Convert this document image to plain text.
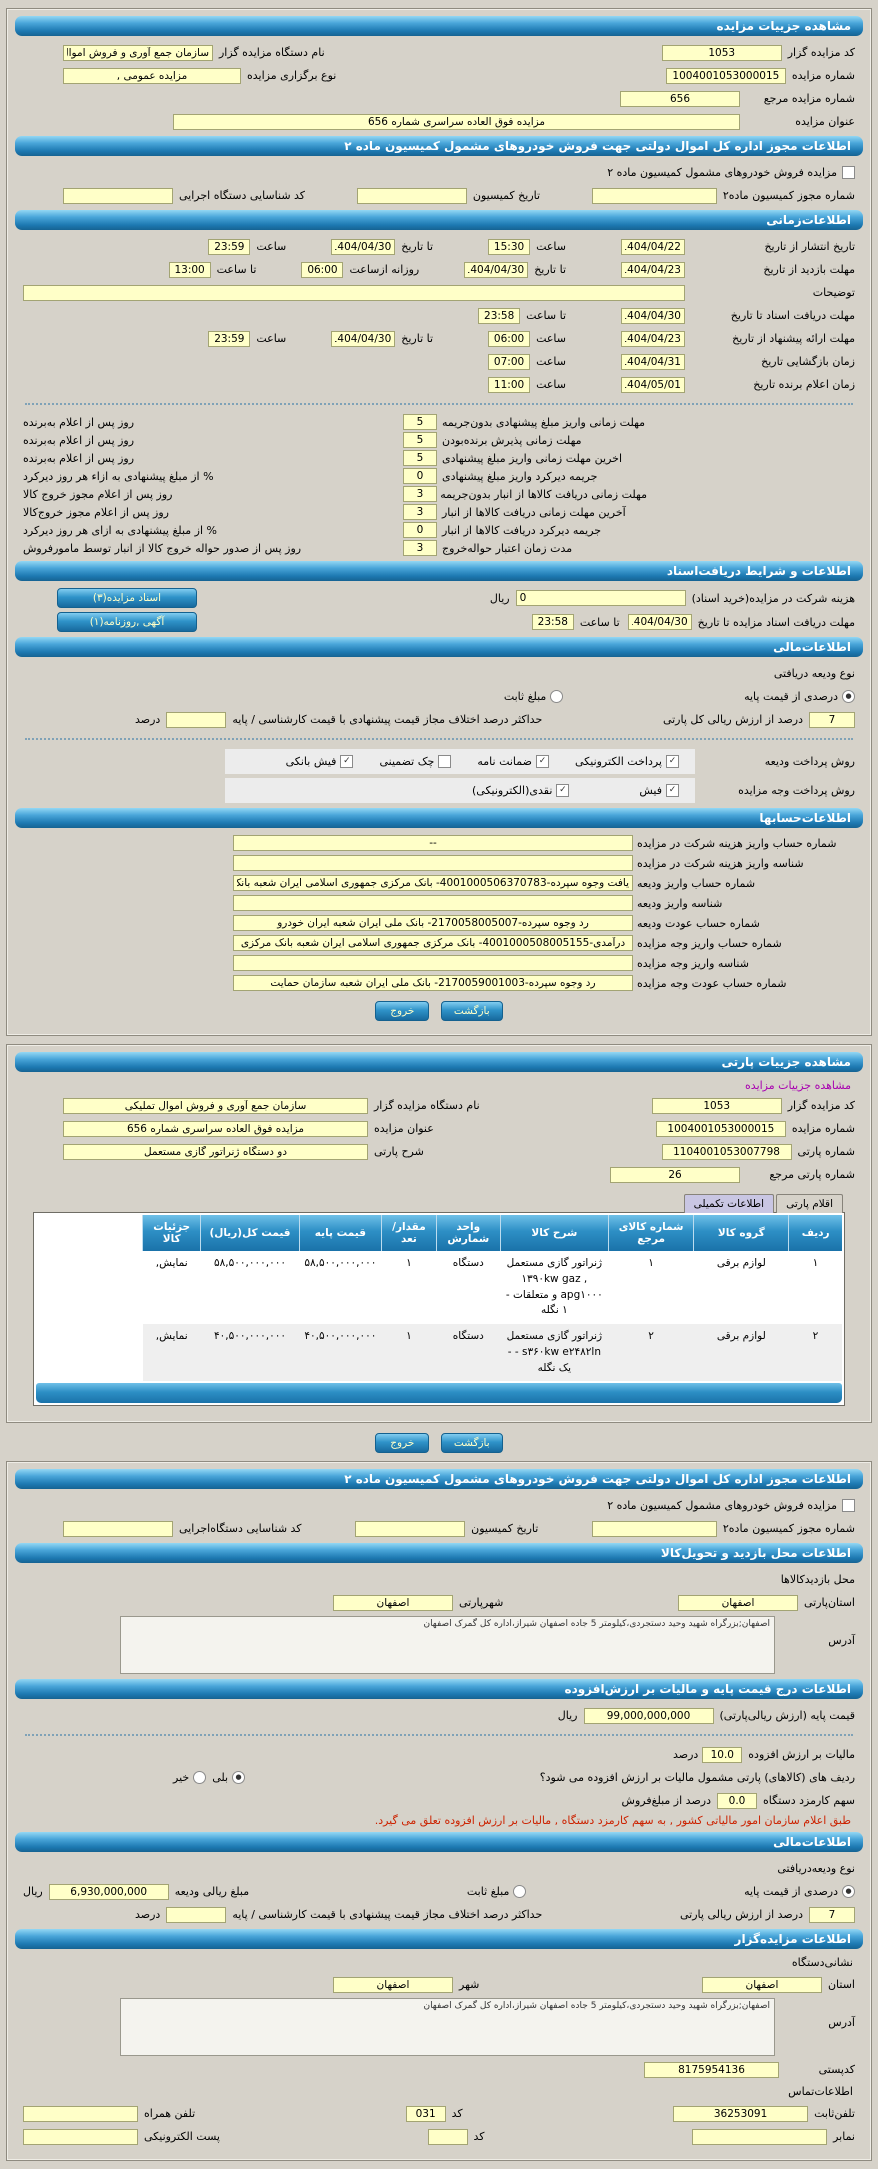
مشاهده جزییات مزایده
کد مزایده گزار
1053
نام دستگاه مزایده گزار
سازمان جمع آوری و فروش اموال تملیکی
شماره مزایده
1004001053000015
نوع برگزاری مزایده
مزایده عمومی ,
شماره مزایده مرجع
656
عنوان مزایده
مزایده فوق العاده سراسری شماره 656
اطلاعات مجوز اداره کل اموال دولتی جهت فروش خودروهای مشمول کمیسیون ماده ۲
مزایده فروش خودروهای مشمول کمیسیون ماده ۲
شماره مجوز کمیسیون ماده۲
تاریخ کمیسیون
کد شناسایی دستگاه اجرایی
اطلاعات‌زمانی
تاریخ انتشار از تاریخ
1404/04/22
ساعت
15:30
تا تاریخ
1404/04/30
ساعت
23:59
مهلت بازدید از تاریخ
1404/04/23
تا تاریخ
1404/04/30
روزانه ازساعت
06:00
تا ساعت
13:00
توضیحات
مهلت دریافت اسناد تا تاریخ
1404/04/30
تا ساعت
23:58
مهلت ارائه پیشنهاد از تاریخ
1404/04/23
ساعت
06:00
تا تاریخ
1404/04/30
ساعت
23:59
زمان بازگشایی تاریخ
1404/04/31
ساعت
07:00
زمان اعلام برنده تاریخ
1404/05/01
ساعت
11:00
مهلت زمانی واریز مبلغ پیشنهادی بدون‌جریمه
5
روز پس از اعلام به‌برنده
مهلت زمانی پذیرش برنده‌بودن
5
روز پس از اعلام به‌برنده
اخرین مهلت زمانی واریز مبلغ پیشنهادی
5
روز پس از اعلام به‌برنده
جریمه دیرکرد واریز مبلغ پیشنهادی
0
% از مبلغ پیشنهادی به ازاء هر روز دیرکرد
مهلت زمانی دریافت کالاها از انبار بدون‌جریمه
3
روز پس از اعلام مجوز خروج کالا
آخرین مهلت زمانی دریافت کالاها از انبار
3
روز پس از اعلام مجوز خروج‌کالا
جریمه دیرکرد دریافت کالاها از انبار
0
% از مبلغ پیشنهادی به ازای هر روز دیرکرد
مدت زمان اعتبار حواله‌خروج
3
روز پس از صدور حواله خروج کالا از انبار توسط مامورفروش
اطلاعات و شرایط دریافت‌اسناد
هزینه شرکت در مزایده(خرید اسناد)
0
ریال
اسناد مزایده(۳)
مهلت دریافت اسناد مزایده تا تاریخ
1404/04/30
تا ساعت
23:58
آگهی ,روزنامه(۱)
اطلاعات‌مالی
نوع ودیعه دریافتی
●
درصدی از قیمت پایه
مبلغ ثابت
7
درصد از ارزش ریالی کل پارتی
حداکثر درصد اختلاف مجاز قیمت پیشنهادی با قیمت کارشناسی / پایه
درصد
روش پرداخت ودیعه
✓
پرداخت الکترونیکی
✓
ضمانت نامه
چک تضمینی
✓
فیش بانکی
روش پرداخت وجه مزایده
✓
فیش
✓
نقدی(الکترونیکی)
اطلاعات‌حسابها
شماره حساب واریز هزینه شرکت در مزایده
--
شناسه واریز هزینه شرکت در مزایده
شماره حساب واریز ودیعه
یافت وجوه سپرده-4001000506370783- بانک مرکزی جمهوری اسلامی ایران شعبه بانک مرکز
شناسه واریز ودیعه
شماره حساب عودت ودیعه
رد وجوه سپرده-2170058005007- بانک ملی ایران شعبه ایران خودرو
شماره حساب واریز وجه مزایده
درآمدی-4001000508005155- بانک مرکزی جمهوری اسلامی ایران شعبه بانک مرکزی
شناسه واریز وجه مزایده
شماره حساب عودت وجه مزایده
رد وجوه سپرده-2170059001003- بانک ملی ایران شعبه سازمان حمایت
بازگشت خروج
مشاهده جزییات پارتی
مشاهده جزییات مزایده
کد مزایده گزار
1053
نام دستگاه مزایده گزار
سازمان جمع آوری و فروش اموال تملیکی
شماره مزایده
1004001053000015
عنوان مزایده
مزایده فوق العاده سراسری شماره 656
شماره پارتی
1104001053007798
شرح پارتی
دو دستگاه ژنراتور گازی مستعمل
شماره پارتی مرجع
26
اقلام پارتی
اطلاعات تکمیلی
ردیف	گروه کالا	شماره کالای مرجع	شرح کالا	واحد شمارش	مقدار/تعد	قیمت پایه	قیمت کل(ریال)	جزئیات کالا
۱	لوازم برقی	۱	ژنراتور گازی مستعمل ۱۳۹۰kw gaz , apg۱۰۰۰ و متعلقات - ۱ نگله	دستگاه	۱	۵۸,۵۰۰,۰۰۰,۰۰۰	۵۸,۵۰۰,۰۰۰,۰۰۰	نمایش,
۲	لوازم برقی	۲	ژنراتور گازی مستعمل s۳۶۰kw e۲۴۸۲ln - - یک نگله	دستگاه	۱	۴۰,۵۰۰,۰۰۰,۰۰۰	۴۰,۵۰۰,۰۰۰,۰۰۰	نمایش,
بازگشت خروج
اطلاعات مجوز اداره کل اموال دولتی جهت فروش خودروهای مشمول کمیسیون ماده ۲
مزایده فروش خودروهای مشمول کمیسیون ماده ۲
شماره مجوز کمیسیون ماده۲
تاریخ کمیسیون
کد شناسایی دستگاه‌اجرایی
اطلاعات محل بازدید و تحویل‌کالا
محل بازدیدکالاها
استان‌پارتی
اصفهان
شهرپارتی
اصفهان
آدرس
اصفهان;بزرگراه شهید وحید دستجردی،کیلومتر 5 جاده اصفهان شیراز،اداره کل گمرک اصفهان
اطلاعات درج قیمت پایه و مالیات بر ارزش‌افزوده
قیمت پایه (ارزش ریالی‌پارتی)
99,000,000,000
ریال
مالیات بر ارزش افزوده
10.0
درصد
ردیف های (کالاهای) پارتی مشمول مالیات بر ارزش افزوده می شود؟
●
بلی
خیر
سهم کارمزد دستگاه
0.0
درصد از مبلغ‌فروش
طبق اعلام سازمان امور مالیاتی کشور , به سهم کارمزد دستگاه , مالیات بر ارزش افزوده تعلق می گیرد.
اطلاعات‌مالی
نوع ودیعه‌دریافتی
●
درصدی از قیمت پایه
مبلغ ثابت
مبلغ ریالی ودیعه
6,930,000,000
ریال
7
درصد از ارزش ریالی پارتی
حداکثر درصد اختلاف مجاز قیمت پیشنهادی با قیمت کارشناسی / پایه
درصد
اطلاعات مزایده‌گزار
نشانی‌دستگاه
استان
اصفهان
شهر
اصفهان
آدرس
اصفهان;بزرگراه شهید وحید دستجردی،کیلومتر 5 جاده اصفهان شیراز،اداره کل گمرک اصفهان
کدپستی
8175954136
اطلاعات‌تماس
تلفن‌ثابت
36253091
کد
031
تلفن همراه
نمابر
کد
پست الکترونیکی
